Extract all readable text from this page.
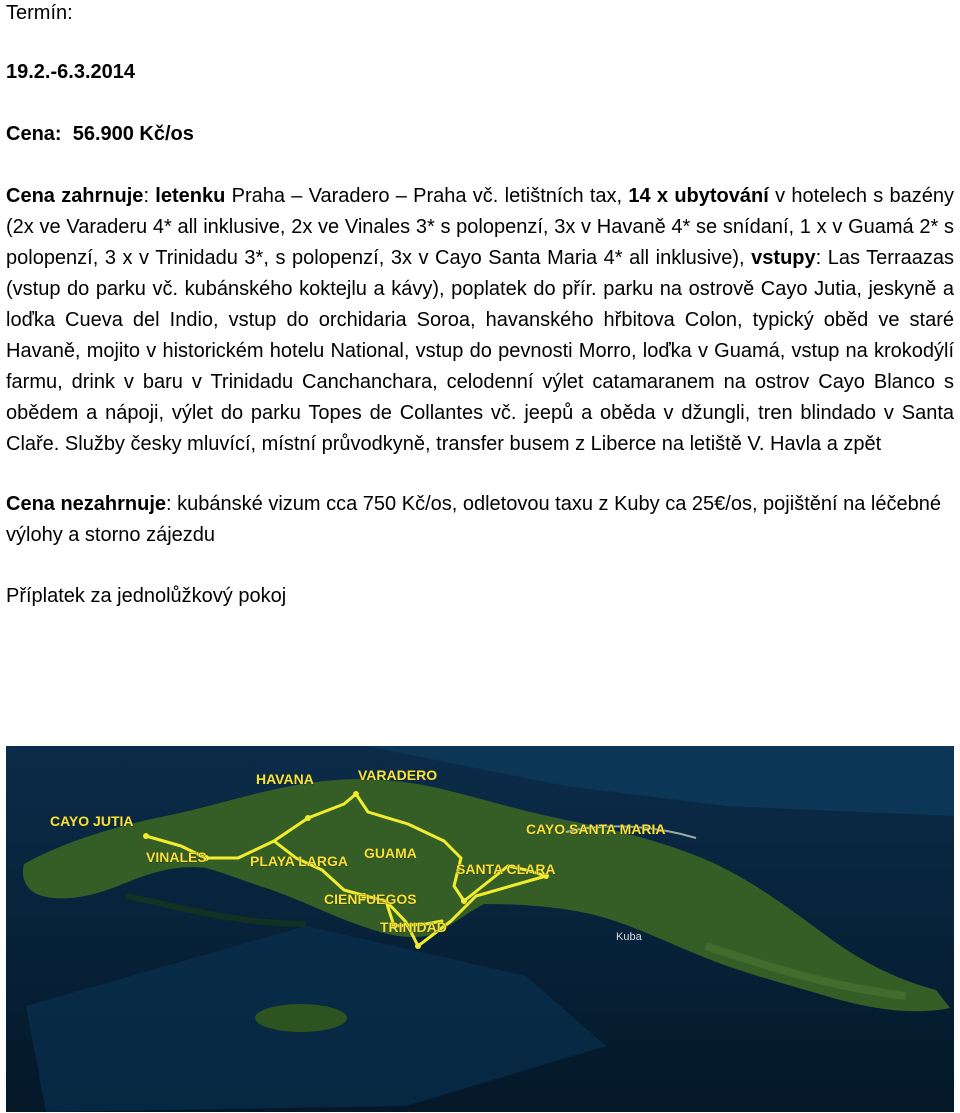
Termín:

19.2.-6.3.2014

Cena: 56.900 Kč/os

Cena zahrnuje: letenku Praha – Varadero – Praha vč. letištních tax, 14 x ubytování v hotelech s bazény (2x ve Varaderu 4* all inklusive, 2x ve Vinales 3* s polopenzí, 3x v Havaně 4* se snídaní, 1 x v Guamá 2* s polopenzí, 3 x v Trinidadu 3*, s polopenzí, 3x v Cayo Santa Maria 4* all inklusive), vstupy: Las Terraazas (vstup do parku vč. kubánského koktejlu a kávy), poplatek do přír. parku na ostrově Cayo Jutia, jeskyně a loďka Cueva del Indio, vstup do orchidaria Soroa, havanského hřbitova Colon, typický oběd ve staré Havaně, mojito v historickém hotelu National, vstup do pevnosti Morro, loďka v Guamá, vstup na krokodýlí farmu, drink v baru v Trinidadu Canchanchara, celodenní výlet catamaranem na ostrov Cayo Blanco s obědem a nápoji, výlet do parku Topes de Collantes vč. jeepů a oběda v džungli, tren blindado v Santa Claře. Služby česky mluvící, místní průvodkyně, transfer busem z Liberce na letiště V. Havla a zpět

Cena nezahrnuje: kubánské vizum cca 750 Kč/os, odletovou taxu z Kuby ca 25€/os, pojištění na léčebné výlohy a storno zájezdu

Příplatek za jednolůžkový pokoj

CAYO JUTIA
HAVANA	VARADERO
CAYO SANTA MARIA
VINALES	PLAYA LARGA GUAMA
SANTA CLARA
CIENFUEGOS
TRINIDAD
Kuba
